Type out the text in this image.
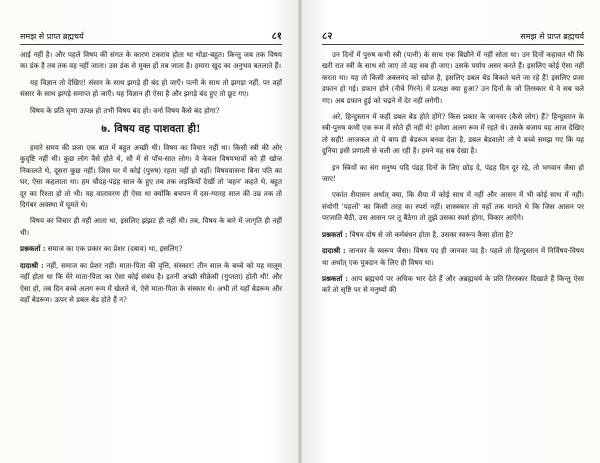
समझ से प्राप्त ब्रह्मचर्य	८१

आई नहीं है। और पहले विषय की संगत के कारण टकराव होता था थोड़ा-बहुत। किन्तु जब तक विषय का डंक है तब तक वह नहीं जाता। उस डंक से मुक्त हों तब जाता है। हमारा खुद का अनुभव बतलाते हैं।

यह विज्ञान तो देखिए! संसार के साथ झगड़े ही बंद हो जाएँ। पत्नी के साथ तो झगड़ा नहीं, पर वहाँ संसार के साथ झगड़े समाप्त हो जाएँ। यह विज्ञान ही ऐसा है और झगड़े बंद हुए तो छूट गए।

विषय के प्रति घृणा उत्पन्न हो तभी विषय बंद हो। वर्ना विषय कैसे बंद होगा?

७. विषय वह पाशवता ही!

हमारे समय की प्रजा एक बात में बहुत अच्छी थी। विषय का विचार नहीं था। किसी स्त्री की ओर कुदृष्टि नहीं थी। कुछ लोग वैसे होते थे, सौ में से पाँच-सात लोग। वे केवल विषयभावों को ही खोज निकालते थे, दूसरा कुछ नहीं। जिस घर में कोई (पुरुष) रहता नहीं हो वहाँ। विषयवासना बिना पति का घर, ऐसा कहलाता था। हम चौदह-पंद्रह साल के हुए तब तक लड़कियाँ देखीं तो 'बहन' कहते थे, बहुत दूर का रिश्ता हो तो भी। यह वातावरण ही ऐसा था क्योंकि बचपन में दस-ग्यारह साल की उम्र तक तो दिगंबर अवस्था में घूमते थे।

विषय का विचार ही नहीं आता था, इसलिए झंझट ही नहीं थी। तब, विषय के बारे में जागृति ही नहीं थी।

प्रश्नकर्ता : समाज का एक प्रकार का प्रेशर (दबाव) था, इसलिए?

दादाश्री : नहीं, समाज का प्रेशर नहीं। माता-पिता की वृत्ति, संस्कार! तीन साल के बच्चे को यह मालूम नहीं होता था कि मेरे माता-पिता का ऐसा कोई संबंध है। इतनी अच्छी सीक्रेसी (गुप्तता) होती थी! और ऐसा हो, तब दिन बच्चे अलग रूम में खेलते थे, ऐसे माता-पिता के संस्कार थे। अभी तो यहाँ बेडरूम और वहाँ बेडरूम। ऊपर से डबल बेड होते हैं न?

८२	समझ से प्राप्त ब्रह्मचर्य

उन दिनों में पुरुष कभी स्त्री (पत्नी) के साथ एक बिछौने में नहीं सोता था। उन दिनों कहावत थी कि खरी रात स्त्री के साथ सो जाए तो वह सब ही जाए। उसके पर्याय असर करते हैं। इसलिए कोई ऐसा नहीं करता था। यह तो किसी अक्लमंद को खोज है, इसलिए डबल बेड बिकते चले जा रहे हैं! इसलिए प्रजा डफान हो गई। डफान होने (नीचे गिरने) में प्रत्यक्ष क्या हुआ? उन दिनों के जो तिरस्कार थे वे सब चले गए। अब डफान हुई को चढ़ने में देर नहीं लगेगी।

अरे, हिन्दुस्तान में कहीं डबल बेड होते होंगे? किस प्रकार के जानवर (कैसे लोग) हैं? हिन्दुस्तान के स्त्री-पुरुष कभी एक रूम में सोते ही नहीं थे! हमेशा अलग रूम में रहते थे। उसके बजाय यह आज देखिए तो सही! आजकल तो ये बाप ही बेडरूम बनवा देता है, डबल बेडवाले! तो ये बच्चे समझ गए कि यह दुनिया इसी प्रणाली से चली आ रही है। हमने यह सब देखा है।

इन स्त्रियों का संग मनुष्य यदि पंद्रह दिनों के लिए छोड़ दे, पंद्रह दिन दूर रहे, तो भगवान जैसा हो जाए!

एकांत शैयासन अर्थात् क्या, कि शैया में कोई साथ में नहीं और आसन में भी कोई साथ में नहीं। संयोगी 'पहलों' का किसी तरह का स्पर्श नहीं। शास्त्रकार तो यहाँ तक मानते थे कि जिस आसन पर परजाति बैठी, उस आसन पर तू बैठेगा तो तुझे उसका स्पर्श होगा, विकार आएँगे।

प्रश्नकर्ता : विषय दोष से जो कर्मबंधन होता है, उसका स्वरूप कैसा होता है?

दादाश्री : जानवर के स्वरूप जैसा। विषय पद ही जानवर पद है। पहले तो हिन्दुस्तान में निर्विषय-विषय था अर्थात् एक पुत्रदान के लिए ही विषय था।

प्रश्नकर्ता : आप ब्रह्मचर्य पर अधिक भार देते हैं और अब्रह्मचर्य के प्रति तिरस्कार दिखाते हैं किन्तु ऐसा करें तो सृष्टि पर से मनुष्यों की
